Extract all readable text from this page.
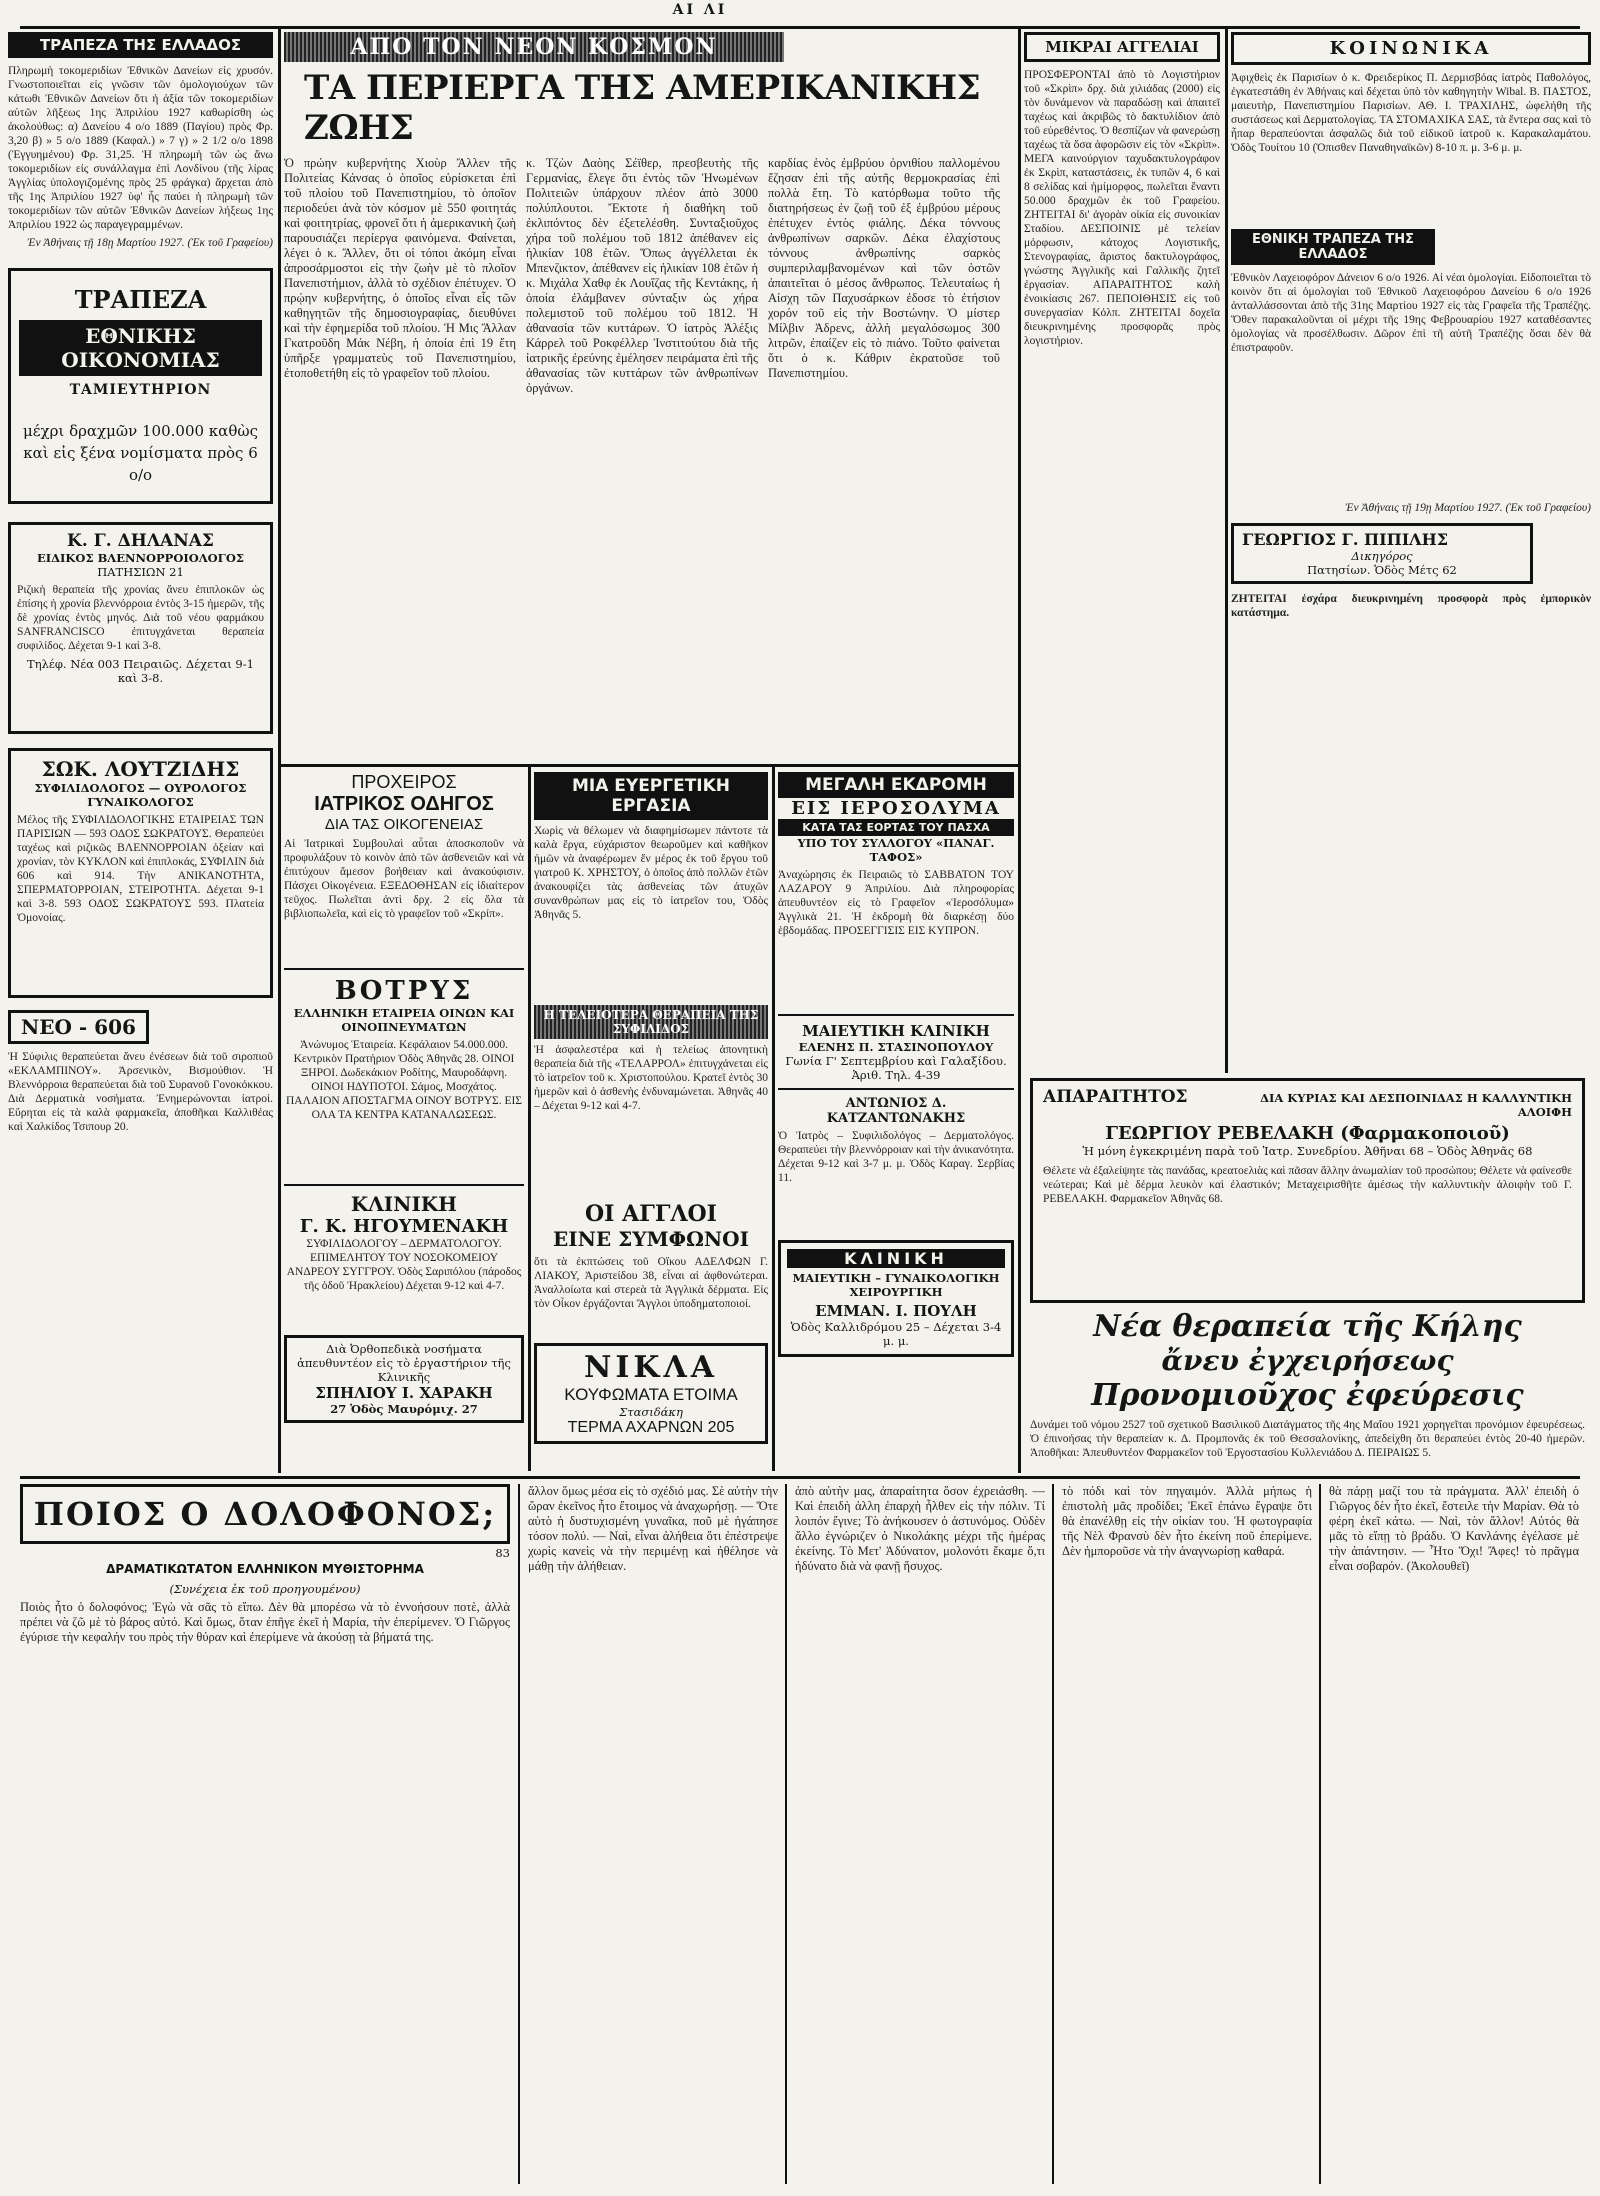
ΑΙ ΛΙ
ΤΡΑΠΕΖΑ ΤΗΣ ΕΛΛΑΔΟΣ
Πληρωμὴ τοκομεριδίων Ἐθνικῶν Δανείων εἰς χρυσόν. Γνωστοποιεῖται εἰς γνῶσιν τῶν ὁμολογιούχων τῶν κάτωθι Ἐθνικῶν Δανείων ὅτι ἡ ἀξία τῶν τοκομεριδίων αὐτῶν λῆξεως 1ης Ἀπριλίου 1927 καθωρίσθη ὡς ἀκολούθως: α) Δανείου 4 ο/ο 1889 (Παγίου) πρὸς Φρ. 3,20 β) » 5 ο/ο 1889 (Καφαλ.) » 7 γ) » 2 1/2 ο/ο 1898 (Ἐγγυημένου) Φρ. 31,25. Ἡ πληρωμὴ τῶν ὡς ἄνω τοκομεριδίων εἰς συνάλλαγμα ἐπὶ Λονδίνου (τῆς λίρας Ἀγγλίας ὑπολογιζομένης πρὸς 25 φράγκα) ἄρχεται ἀπὸ τῆς 1ης Ἀπριλίου 1927 ὑφ' ἧς παύει ἡ πληρωμὴ τῶν τοκομεριδίων τῶν αὐτῶν Ἐθνικῶν Δανείων λήξεως 1ης Ἀπριλίου 1922 ὡς παραγεγραμμένων.
Ἐν Ἀθήναις τῇ 18ῃ Μαρτίου 1927. (Ἐκ τοῦ Γραφείου)
ΤΡΑΠΕΖΑ
ΕΘΝΙΚΗΣ ΟΙΚΟΝΟΜΙΑΣ
ΤΑΜΙΕΥΤΗΡΙΟΝ
μέχρι δραχμῶν 100.000 καθὼς καὶ εἰς ξένα νομίσματα πρὸς 6 ο/ο
Κ. Γ. ΔΗΛΑΝΑΣ
ΕΙΔΙΚΟΣ ΒΛΕΝΝΟΡΡΟΙΟΛΟΓΟΣ
ΠΑΤΗΣΙΩΝ 21
Ριζικὴ θεραπεία τῆς χρονίας ἄνευ ἐπιπλοκῶν ὡς ἐπίσης ἡ χρονία βλεννόρροια ἐντὸς 3-15 ἡμερῶν, τῆς δὲ χρονίας ἐντὸς μηνός. Διὰ τοῦ νέου φαρμάκου SANFRANCISCO ἐπιτυγχάνεται θεραπεία συφιλίδος. Δέχεται 9-1 καὶ 3-8.
Τηλέφ. Νέα 003 Πειραιῶς. Δέχεται 9-1 καὶ 3-8.
ΣΩΚ. ΛΟΥΤΖΙΔΗΣ
ΣΥΦΙΛΙΔΟΛΟΓΟΣ — ΟΥΡΟΛΟΓΟΣ ΓΥΝΑΙΚΟΛΟΓΟΣ
Μέλος τῆς ΣΥΦΙΛΙΔΟΛΟΓΙΚΗΣ ΕΤΑΙΡΕΙΑΣ ΤΩΝ ΠΑΡΙΣΙΩΝ — 593 ΟΔΟΣ ΣΩΚΡΑΤΟΥΣ. Θεραπεύει ταχέως καὶ ριζικῶς ΒΛΕΝΝΟΡΡΟΙΑΝ ὀξείαν καὶ χρονίαν, τὸν ΚΥΚΛΟΝ καὶ ἐπιπλοκάς, ΣΥΦΙΛΙΝ διὰ 606 καὶ 914. Τὴν ΑΝΙΚΑΝΟΤΗΤΑ, ΣΠΕΡΜΑΤΟΡΡΟΙΑΝ, ΣΤΕΙΡΟΤΗΤΑ. Δέχεται 9-1 καὶ 3-8. 593 ΟΔΟΣ ΣΩΚΡΑΤΟΥΣ 593. Πλατεία Ὁμονοίας.
ΝΕΟ - 606
Ἡ Σύφιλις θεραπεύεται ἄνευ ἐνέσεων διὰ τοῦ σιροπιοῦ «ΕΚΛΑΜΠΙΝΟΥ». Ἀρσενικὸν, Βισμούθιον. Ἡ Βλεννόρροια θεραπεύεται διὰ τοῦ Συρανοῦ Γονοκόκκου. Διὰ Δερματικὰ νοσήματα. Ἐνημερώνονται ἰατροί. Εὕρηται εἰς τὰ καλὰ φαρμακεῖα, ἀποθῆκαι Καλλιθέας καὶ Χαλκίδος Τσιπουρ 20.
ΑΠΟ ΤΟΝ ΝΕΟΝ ΚΟΣΜΟΝ
ΤΑ ΠΕΡΙΕΡΓΑ ΤΗΣ ΑΜΕΡΙΚΑΝΙΚΗΣ ΖΩΗΣ
Ὁ πρώην κυβερνήτης Χιοὺρ Ἄλλεν τῆς Πολιτείας Κάνσας ὁ ὁποῖος εὑρίσκεται ἐπὶ τοῦ πλοίου τοῦ Πανεπιστημίου, τὸ ὁποῖον περιοδεύει ἀνὰ τὸν κόσμον μὲ 550 φοιτητάς καὶ φοιτητρίας, φρονεῖ ὅτι ἡ ἀμερικανικὴ ζωὴ παρουσιάζει περίεργα φαινόμενα. Φαίνεται, λέγει ὁ κ. Ἄλλεν, ὅτι οἱ τόποι ἀκόμη εἶναι ἀπροσάρμοστοι εἰς τὴν ζωὴν μὲ τὸ πλοῖον Πανεπιστήμιον, ἀλλὰ τὸ σχέδιον ἐπέτυχεν. Ὁ πρῴην κυβερνήτης, ὁ ὁποῖος εἶναι εἷς τῶν καθηγητῶν τῆς δημοσιογραφίας, διευθύνει καὶ τὴν ἐφημερίδα τοῦ πλοίου. Ἡ Μις Ἄλλαν Γκατροῦδη Μάκ Νέβη, ἡ ὁποία ἐπὶ 19 ἔτη ὑπῆρξε γραμματεὺς τοῦ Πανεπιστημίου, ἐτοποθετήθη εἰς τὸ γραφεῖον τοῦ πλοίου.
κ. Τζὼν Δαὸης Σέϊθερ, πρεσβευτὴς τῆς Γερμανίας, ἔλεγε ὅτι ἐντὸς τῶν Ἡνωμένων Πολιτειῶν ὑπάρχουν πλέον ἀπὸ 3000 πολύπλουτοι. Ἔκτοτε ἡ διαθήκη τοῦ ἐκλιπόντος δὲν ἐξετελέσθη. Συνταξιοῦχος χήρα τοῦ πολέμου τοῦ 1812 ἀπέθανεν εἰς ἡλικίαν 108 ἐτῶν. Ὅπως ἀγγέλλεται ἐκ Μπενζικτον, ἀπέθανεν εἰς ἡλικίαν 108 ἐτῶν ἡ κ. Μιχάλα Χαθφ ἐκ Λουΐζας τῆς Κεντάκης, ἡ ὁποία ἐλάμβανεν σύνταξιν ὡς χήρα πολεμιστοῦ τοῦ πολέμου τοῦ 1812. Ἡ ἀθανασία τῶν κυττάρων. Ὁ ἰατρὸς Ἀλέξις Κάρρελ τοῦ Ροκφέλλερ Ἰνστιτούτου διὰ τῆς ἰατρικῆς ἐρεύνης ἐμέλησεν πειράματα ἐπὶ τῆς ἀθανασίας τῶν κυττάρων τῶν ἀνθρωπίνων ὀργάνων.
καρδίας ἑνὸς ἐμβρύου ὀρνιθίου παλλομένου ἔζησαν ἐπὶ τῆς αὐτῆς θερμοκρασίας ἐπὶ πολλὰ ἔτη. Τὸ κατόρθωμα τοῦτο τῆς διατηρήσεως ἐν ζωῇ τοῦ ἐξ ἐμβρύου μέρους ἐπέτυχεν ἐντὸς φιάλης. Δέκα τόννους ἀνθρωπίνων σαρκῶν. Δέκα ἐλαχίστους τόννους ἀνθρωπίνης σαρκὸς συμπεριλαμβανομένων καὶ τῶν ὀστῶν ἀπαιτεῖται ὁ μέσος ἄνθρωπος. Τελευταίως ἡ Αίσχη τῶν Παχυσάρκων ἐδοσε τὸ ἐτήσιον χορόν τοῦ εἰς τὴν Βοστώνην. Ὁ μίστερ Μίλβιν Ἀδρενς, ἀλλὴ μεγαλόσωμος 300 λιτρῶν, ἐπαίζεν εἰς τὸ πιάνο. Τοῦτο φαίνεται ὅτι ὁ κ. Κάθριν ἐκρατοῦσε τοῦ Πανεπιστημίου.
ΜΙΚΡΑΙ ΑΓΓΕΛΙΑΙ
ΠΡΟΣΦΕΡΟΝΤΑΙ ἀπὸ τὸ Λογιστήριον τοῦ «Σκρὶπ» δρχ. διὰ χιλιάδας (2000) εἰς τὸν δυνάμενον νὰ παραδώσῃ καὶ ἀπαιτεῖ ταχέως καὶ ἀκριβῶς τὸ δακτυλίδιον ἀπὸ τοῦ εὑρεθέντος. Ὁ θεσπίζων νὰ φανερώσῃ ταχέως τὰ ὅσα ἀφορῶσιν εἰς τὸν «Σκρὶπ». ΜΕΓΑ καινούργιον ταχυδακτυλογράφον ἐκ Σκρὶπ, καταστάσεις, ἐκ τυπῶν 4, 6 καὶ 8 σελίδας καὶ ἡμίμορφος, πωλεῖται ἔναντι 50.000 δραχμῶν ἐκ τοῦ Γραφείου. ΖΗΤΕΙΤΑΙ δι' ἀγορὰν οἰκία εἰς συνοικίαν Σταδίου. ΔΕΣΠΟΙΝΙΣ μὲ τελείαν μόρφωσιν, κάτοχος Λογιστικῆς, Στενογραφίας, ἄριστος δακτυλογράφος, γνώστης Ἀγγλικῆς καὶ Γαλλικῆς ζητεῖ ἐργασίαν. ΑΠΑΡΑΙΤΗΤΟΣ καλὴ ἐνοικίασις 267. ΠΕΠΟΙΘΗΣΙΣ εἰς τοῦ συνεργασίαν Κόλπ. ΖΗΤΕΙΤΑΙ δοχεῖα διευκρινημένης προσφορᾶς πρὸς λογιστήριον.
ΚΟΙΝΩΝΙΚΑ
Ἀφιχθεὶς ἐκ Παρισίων ὁ κ. Φρειδερίκος Π. Δερμισβόας ἰατρὸς Παθολόγος, ἐγκατεστάθη ἐν Ἀθήναις καὶ δέχεται ὑπὸ τὸν καθηγητὴν Wibal. Β. ΠΑΣΤΟΣ, μαιευτὴρ, Πανεπιστημίου Παρισίων. ΑΘ. Ι. ΤΡΑΧΙΛΗΣ, ὡφελήθη τῆς συστάσεως καὶ Δερματολογίας. ΤΑ ΣΤΟΜΑΧΙΚΑ ΣΑΣ, τὰ ἔντερα σας καὶ τὸ ἧπαρ θεραπεύονται ἀσφαλῶς διὰ τοῦ εἰδικοῦ ἰατροῦ κ. Καρακαλαμάτου. Ὁδὸς Τουίτου 10 (Ὁπισθεν Παναθηναϊκῶν) 8-10 π. μ. 3-6 μ. μ.
ΕΘΝΙΚΗ ΤΡΑΠΕΖΑ ΤΗΣ ΕΛΛΑΔΟΣ
Ἐθνικὸν Λαχειοφόρον Δάνειον 6 ο/ο 1926. Αἱ νέαι ὁμολογίαι. Εἰδοποιεῖται τὸ κοινὸν ὅτι αἱ ὁμολογίαι τοῦ Ἐθνικοῦ Λαχειοφόρου Δανείου 6 ο/ο 1926 ἀνταλλάσσονται ἀπὸ τῆς 31ης Μαρτίου 1927 εἰς τὰς Γραφεῖα τῆς Τραπέζης. Ὅθεν παρακαλοῦνται οἱ μέχρι τῆς 19ης Φεβρουαρίου 1927 καταθέσαντες ὁμολογίας νὰ προσέλθωσιν. Δῶρον ἐπὶ τῆ αὐτῆ Τραπέζης ὅσαι δὲν θὰ ἐπιστραφοῦν.
Ἐν Ἀθήναις τῇ 19ῃ Μαρτίου 1927. (Ἐκ τοῦ Γραφείου)
ΓΕΩΡΓΙΟΣ Γ. ΠΙΠΙΛΗΣ
Δικηγόρος
Πατησίων. Ὁδὸς Μέτς 62
ΖΗΤΕΙΤΑΙ ἐσχάρα διευκρινημένη προσφορὰ πρὸς ἐμπορικὸν κατάστημα.
ΑΠΑΡΑΙΤΗΤΟΣ	ΔΙΑ ΚΥΡΙΑΣ ΚΑΙ ΔΕΣΠΟΙΝΙΔΑΣ Η ΚΑΛΛΥΝΤΙΚΗ ΑΛΟΙΦΗ
ΓΕΩΡΓΙΟΥ ΡΕΒΕΛΑΚΗ (Φαρμακοποιοῦ)
Ἡ μόνη ἐγκεκριμένη παρὰ τοῦ Ἰατρ. Συνεδρίου. Ἀθῆναι 68 – Ὁδὸς Ἀθηνᾶς 68
Θέλετε νὰ ἐξαλείψητε τὰς πανάδας, κρεατοελιὰς καὶ πᾶσαν ἄλλην ἀνωμαλίαν τοῦ προσώπου; Θέλετε νὰ φαίνεσθε νεώτεραι; Καὶ μὲ δέρμα λευκὸν καὶ ἐλαστικόν; Μεταχειρισθῆτε ἀμέσως τὴν καλλυντικὴν ἀλοιφὴν τοῦ Γ. ΡΕΒΕΛΑΚΗ. Φαρμακεῖον Ἀθηνᾶς 68.
Νέα θεραπεία τῆς Κήλης
ἄνευ ἐγχειρήσεως
Προνομιοῦχος ἐφεύρεσις
Δυνάμει τοῦ νόμου 2527 τοῦ σχετικοῦ Βασιλικοῦ Διατάγματος τῆς 4ης Μαΐου 1921 χορηγεῖται προνόμιον ἐφευρέσεως. Ὁ ἐπινοήσας τὴν θεραπείαν κ. Δ. Προμπονᾶς ἐκ τοῦ Θεσσαλονίκης, ἀπεδείχθη ὅτι θεραπεύει ἐντὸς 20-40 ἡμερῶν. Ἀποθῆκαι: Ἀπευθυντέον Φαρμακεῖον τοῦ Ἐργοστασίου Κυλλενιάδου Δ. ΠΕΙΡΑΙΩΣ 5.
ΠΡΟΧΕΙΡΟΣ
ΙΑΤΡΙΚΟΣ ΟΔΗΓΟΣ
ΔΙΑ ΤΑΣ ΟΙΚΟΓΕΝΕΙΑΣ
Αἱ Ἰατρικαὶ Συμβουλαὶ αὗται ἀποσκοποῦν νὰ προφυλάξουν τὸ κοινὸν ἀπὸ τῶν ἀσθενειῶν καὶ νὰ ἐπιτύχουν ἄμεσον βοήθειαν καὶ ἀνακούφισιν. Πάσχει Οἰκογένεια. ΕΞΕΔΟΘΗΣΑΝ εἰς ἰδιαίτερον τεῦχος. Πωλεῖται ἀντὶ δρχ. 2 εἰς ὅλα τὰ βιβλιοπωλεῖα, καὶ εἰς τὸ γραφεῖον τοῦ «Σκρίπ».
ΒΟΤΡΥΣ
ΕΛΛΗΝΙΚΗ ΕΤΑΙΡΕΙΑ ΟΙΝΩΝ ΚΑΙ ΟΙΝΟΠΝΕΥΜΑΤΩΝ
Ἀνώνυμος Ἑταιρεία. Κεφάλαιον 54.000.000. Κεντρικὸν Πρατήριον Ὁδὸς Ἀθηνᾶς 28. ΟΙΝΟΙ ΞΗΡΟΙ. Δωδεκάκιον Ροδίτης, Μαυροδάφνη. ΟΙΝΟΙ ΗΔΥΠΟΤΟΙ. Σάμος, Μοσχάτος. ΠΑΛΑΙΟΝ ΑΠΟΣΤΑΓΜΑ ΟΙΝΟΥ ΒΟΤΡΥΣ. ΕΙΣ ΟΛΑ ΤΑ ΚΕΝΤΡΑ ΚΑΤΑΝΑΛΩΣΕΩΣ.
ΚΛΙΝΙΚΗ
Γ. Κ. ΗΓΟΥΜΕΝΑΚΗ
ΣΥΦΙΛΙΔΟΛΟΓΟΥ – ΔΕΡΜΑΤΟΛΟΓΟΥ. ΕΠΙΜΕΛΗΤΟΥ ΤΟΥ ΝΟΣΟΚΟΜΕΙΟΥ ΑΝΔΡΕΟΥ ΣΥΓΓΡΟΥ. Ὁδὸς Σαριπόλου (πάροδος τῆς ὁδοῦ Ἡρακλείου) Δέχεται 9-12 καὶ 4-7.
Διὰ Ὀρθοπεδικὰ νοσήματα ἀπευθυντέον εἰς τὸ ἐργαστήριον τῆς Κλινικῆς
ΣΠΗΛΙΟΥ Ι. ΧΑΡΑΚΗ
27 Ὁδὸς Μαυρόμιχ. 27
ΜΙΑ ΕΥΕΡΓΕΤΙΚΗ ΕΡΓΑΣΙΑ
Χωρὶς νὰ θέλωμεν νὰ διαφημίσωμεν πάντοτε τὰ καλὰ ἔργα, εὐχάριστον θεωροῦμεν καὶ καθῆκον ἡμῶν νὰ ἀναφέρωμεν ἕν μέρος ἐκ τοῦ ἔργου τοῦ γιατροῦ Κ. ΧΡΗΣΤΟΥ, ὁ ὁποῖος ἀπὸ πολλῶν ἐτῶν ἀνακουφίζει τὰς ἀσθενείας τῶν ἀτυχῶν συνανθρώπων μας εἰς τὸ ἰατρεῖον του, Ὁδὸς Ἀθηνᾶς 5.
Η ΤΕΛΕΙΟΤΕΡΑ ΘΕΡΑΠΕΙΑ ΤΗΣ ΣΥΦΙΛΙΔΟΣ
Ἡ ἀσφαλεστέρα καὶ ἡ τελείως ἀπονητικὴ θεραπεία διὰ τῆς «ΤΕΛΑΡΡΟΛ» ἐπιτυγχάνεται εἰς τὸ ἰατρεῖον τοῦ κ. Χριστοπούλου. Κρατεῖ ἐντὸς 30 ἡμερῶν καὶ ὁ ἀσθενὴς ἐνδυναμώνεται. Ἀθηνᾶς 40 – Δέχεται 9-12 καὶ 4-7.
ΟΙ ΑΓΓΛΟΙ
ΕΙΝΕ ΣΥΜΦΩΝΟΙ
ὅτι τὰ ἐκπτώσεις τοῦ Οἴκου ΑΔΕΛΦΩΝ Γ. ΛΙΑΚΟΥ, Ἀριστείδου 38, εἶναι αἱ ἀφθονώτεραι. Ἀναλλοίωτα καὶ στερεὰ τὰ Ἀγγλικὰ δέρματα. Εἰς τὸν Οἶκον ἐργάζονται Ἄγγλοι ὑποδηματοποιοί.
ΝΙΚΛΑ
ΚΟΥΦΩΜΑΤΑ ΕΤΟΙΜΑ
Στασιδάκη
ΤΕΡΜΑ ΑΧΑΡΝΩΝ 205
ΜΕΓΑΛΗ ΕΚΔΡΟΜΗ
ΕΙΣ ΙΕΡΟΣΟΛΥΜΑ
ΚΑΤΑ ΤΑΣ ΕΟΡΤΑΣ ΤΟΥ ΠΑΣΧΑ
ΥΠΟ ΤΟΥ ΣΥΛΛΟΓΟΥ «ΠΑΝΑΓ. ΤΑΦΟΣ»
Ἀναχώρησις ἐκ Πειραιῶς τὸ ΣΑΒΒΑΤΟΝ ΤΟΥ ΛΑΖΑΡΟΥ 9 Ἀπριλίου. Διὰ πληροφορίας ἀπευθυντέον εἰς τὸ Γραφεῖον «Ἱεροσόλυμα» Ἀγγλικὰ 21. Ἡ ἐκδρομὴ θὰ διαρκέσῃ δύο ἑβδομάδας. ΠΡΟΣΕΓΓΙΣΙΣ ΕΙΣ ΚΥΠΡΟΝ.
ΜΑΙΕΥΤΙΚΗ ΚΛΙΝΙΚΗ
ΕΛΕΝΗΣ Π. ΣΤΑΣΙΝΟΠΟΥΛΟΥ
Γωνία Γ' Σεπτεμβρίου καὶ Γαλαξίδου. Ἀριθ. Τηλ. 4-39
ΑΝΤΩΝΙΟΣ Δ. ΚΑΤΖΑΝΤΩΝΑΚΗΣ
Ὁ Ἰατρὸς – Συφιλιδολόγος – Δερματολόγος. Θεραπεύει τὴν βλεννόρροιαν καὶ τὴν ἀνικανότητα. Δέχεται 9-12 καὶ 3-7 μ. μ. Ὁδὸς Καραγ. Σερβίας 11.
ΚΛΙΝΙΚΗ
ΜΑΙΕΥΤΙΚΗ – ΓΥΝΑΙΚΟΛΟΓΙΚΗ ΧΕΙΡΟΥΡΓΙΚΗ
ΕΜΜΑΝ. Ι. ΠΟΥΛΗ
Ὁδὸς Καλλιδρόμου 25 – Δέχεται 3-4 μ. μ.
ΠΟΙΟΣ Ο ΔΟΛΟΦΟΝΟΣ;
83
ΔΡΑΜΑΤΙΚΩΤΑΤΟΝ ΕΛΛΗΝΙΚΟΝ ΜΥΘΙΣΤΟΡΗΜΑ
(Συνέχεια ἐκ τοῦ προηγουμένου)
Ποιὸς ἦτο ὁ δολοφόνος; Ἐγὼ νὰ σᾶς τὸ εἴπω. Δὲν θὰ μπορέσω νὰ τὸ ἐννοήσουν ποτὲ, ἀλλὰ πρέπει νὰ ζῶ μὲ τὸ βάρος αὐτό. Καὶ ὅμως, ὅταν ἐπῆγε ἐκεῖ ἡ Μαρία, τὴν ἐπερίμενεν. Ὁ Γιῶργος ἐγύρισε τὴν κεφαλήν του πρὸς τὴν θύραν καὶ ἐπερίμενε νὰ ἀκούσῃ τὰ βήματά της.
ἄλλον ὅμως μέσα εἰς τὸ σχέδιό μας. Σὲ αὐτὴν τὴν ὥραν ἐκεῖνος ἦτο ἔτοιμος νὰ ἀναχωρήσῃ. — Ὅτε αὐτὸ ἡ δυστυχισμένη γυναῖκα, ποῦ μὲ ἠγάπησε τόσον πολύ. — Ναὶ, εἶναι ἀλήθεια ὅτι ἐπέστρεψε χωρὶς κανεὶς νὰ τὴν περιμένῃ καὶ ἠθέλησε νὰ μάθῃ τὴν ἀλήθειαν.
ἀπὸ αὐτὴν μας, ἀπαραίτητα ὅσον ἐχρειάσθη. — Καὶ ἐπειδὴ ἀλλη ἐπαρχὴ ἦλθεν εἰς τὴν πόλιν. Τί λοιπόν ἔγινε; Τὸ ἀνήκουσεν ὁ ἀστυνόμος. Οὐδὲν ἄλλο ἐγνώριζεν ὁ Νικολάκης μέχρι τῆς ἡμέρας ἐκείνης. Τὸ Μετ' Ἀδύνατον, μολονότι ἔκαμε ὅ,τι ἠδύνατο διὰ νὰ φανῇ ἥσυχος.
τὸ πόδι καὶ τὸν πηγαιμόν. Ἀλλὰ μήπως ἡ ἐπιστολὴ μᾶς προδίδει; Ἐκεῖ ἐπάνω ἔγραψε ὅτι θὰ ἐπανέλθῃ εἰς τὴν οἰκίαν του. Ἡ φωτογραφία τῆς Νὲλ Φρανσὺ δὲν ἦτο ἐκείνη ποῦ ἐπερίμενε. Δὲν ἠμποροῦσε νὰ τὴν ἀναγνωρίσῃ καθαρά.
θὰ πάρῃ μαζί του τὰ πράγματα. Ἀλλ' ἐπειδὴ ὁ Γιῶργος δὲν ἦτο ἐκεῖ, ἔστειλε τὴν Μαρίαν. Θὰ τὸ φέρη ἐκεῖ κάτω. — Ναὶ, τὸν ἄλλον! Αὐτός θὰ μᾶς τὸ εἴπῃ τὸ βράδυ. Ὁ Κανλάνης ἐγέλασε μὲ τὴν ἀπάντησιν. — Ἦτο Ὅχι! Ἄφες! τὸ πρᾶγμα εἶναι σοβαρόν. (Ἀκολουθεῖ)
